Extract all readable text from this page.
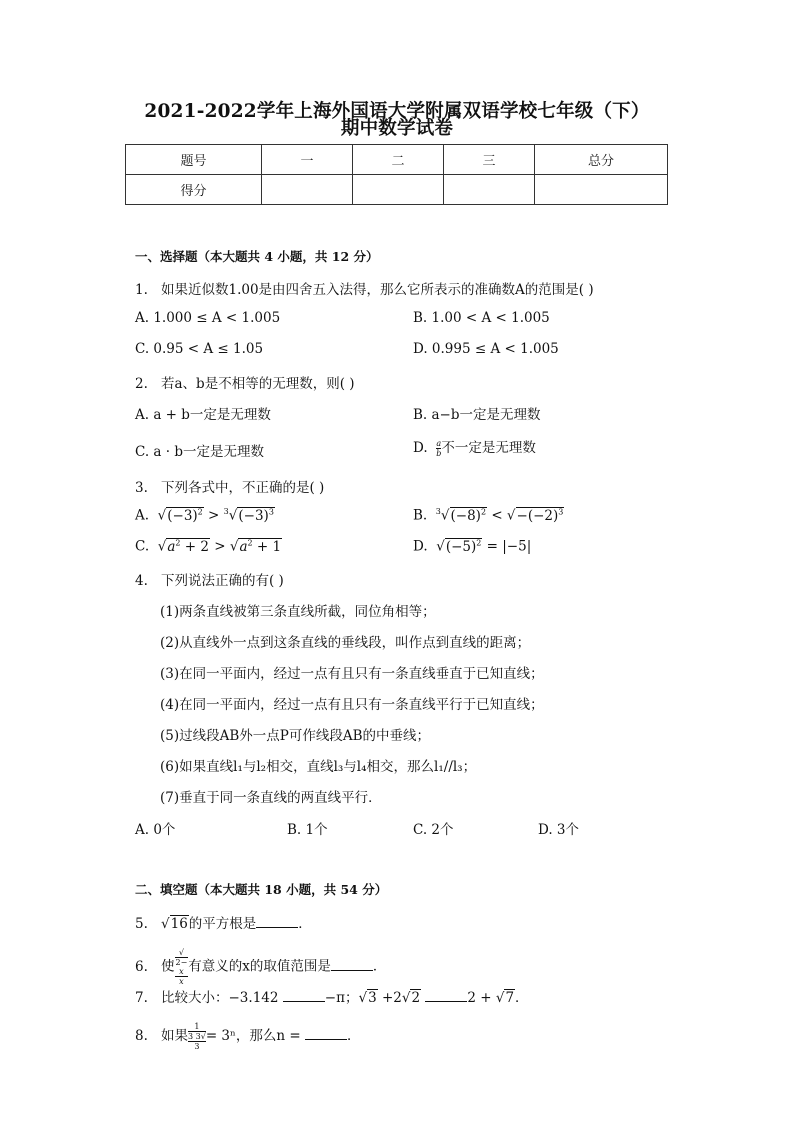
2021-2022学年上海外国语大学附属双语学校七年级（下）
期中数学试卷
题号	一	二	三	总分
得分				
一、选择题（本大题共 4 小题，共 12 分）
1. 如果近似数1.00是由四舍五入法得，那么它所表示的准确数A的范围是( )
A. 1.000 ≤ A < 1.005	B. 1.00 < A < 1.005
C. 0.95 < A ≤ 1.05	D. 0.995 ≤ A < 1.005
2. 若a、b是不相等的无理数，则( )
A. a + b一定是无理数	B. a−b一定是无理数
C. a · b一定是无理数	D. $\frac{a}{b}$ 不一定是无理数
3. 下列各式中，不正确的是( )
A.  $√(-3)^2 > ^3√(-3)^3$	B.  $^3√(-8)^2 < √-(-2)^3$
C.  $√a^2 + 2 > √a^2 + 1$	D.  $√(-5)^2 = |-5|$
4. 下列说法正确的有( )
(1)两条直线被第三条直线所截，同位角相等；
(2)从直线外一点到这条直线的垂线段，叫作点到直线的距离；
(3)在同一平面内，经过一点有且只有一条直线垂直于已知直线；
(4)在同一平面内，经过一点有且只有一条直线平行于已知直线；
(5)过线段AB外一点P可作线段AB的中垂线；
(6)如果直线l₁与l₂相交，直线l₃与l₄相交，那么l₁//l₃；
(7)垂直于同一条直线的两直线平行．
A. 0个	B. 1个	C. 2个	D. 3个
二、填空题（本大题共 18 小题，共 54 分）
5. √16的平方根是	．
6. 使 √
2−
x
x 有意义的x的取值范围是	．
7. 比较大小：−3.142	−π；√3 +2√2	2 + √7．
8. 如果 1
3 3√
3 = 3ⁿ，那么n =	．
